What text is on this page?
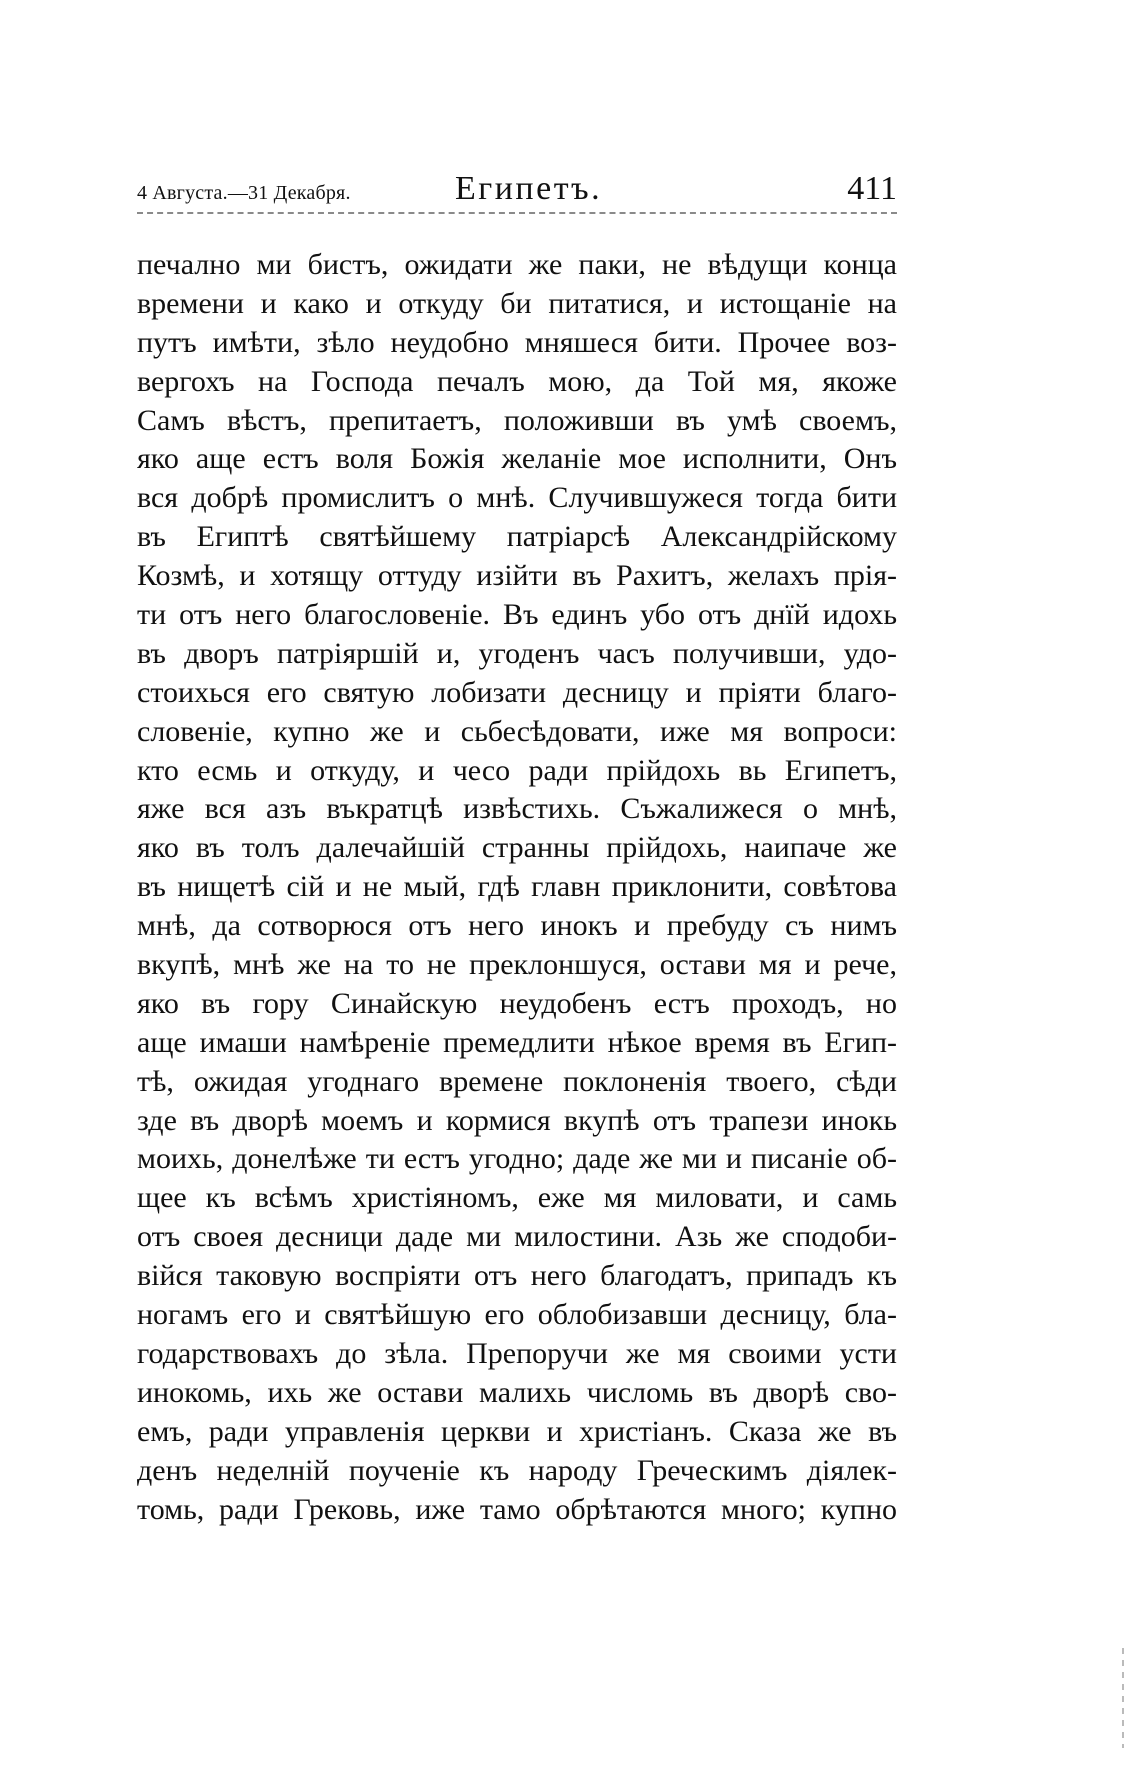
4 Августа.—31 Декабря.	Египетъ.	411
печално ми бистъ, ожидати же паки, не вѣдущи конца
времени и како и откуду би питатися, и истощаніе на
путъ имѣти, зѣло неудобно мняшеся бити. Прочее воз-
вергохъ на Господа печалъ мою, да Той мя, якоже
Самъ вѣстъ, препитаетъ, положивши въ умѣ своемъ,
яко аще естъ воля Божія желаніе мое исполнити, Онъ
вся добрѣ промислитъ о мнѣ. Случившужеся тогда бити
въ Египтѣ святѣйшему патріарсѣ Александрійскому
Козмѣ, и хотящу оттуду изійти въ Рахитъ, желахъ прія-
ти отъ него благословеніе. Въ единъ убо отъ днїй идохь
въ дворъ патріяршій и, угоденъ часъ получивши, удо-
стоихься его святую лобизати десницу и пріяти благо-
словеніе, купно же и сьбесѣдовати, иже мя вопроси:
кто есмь и откуду, и чесо ради прійдохь вь Египетъ,
яже вся азъ въкратцѣ извѣстихь. Съжалижеся о мнѣ,
яко въ толъ далечайшій странны прійдохь, наипаче же
въ нищетѣ сій и не мый, гдѣ главн приклонити, совѣтова
мнѣ, да сотворюся отъ него инокъ и пребуду съ нимъ
вкупѣ, мнѣ же на то не преклоншуся, остави мя и рече,
яко въ гору Синайскую неудобенъ естъ проходъ, но
аще имаши намѣреніе премедлити нѣкое время въ Егип-
тѣ, ожидая угоднаго времене поклоненія твоего, сѣди
зде въ дворѣ моемъ и кормися вкупѣ отъ трапези инокь
моихь, донелѣже ти естъ угодно; даде же ми и писаніе об-
щее къ всѣмъ христіяномъ, еже мя миловати, и самь
отъ своея десници даде ми милостини. Азь же сподоби-
війся таковую воспріяти отъ него благодатъ, припадъ къ
ногамъ его и святѣйшую его облобизавши десницу, бла-
годарствовахъ до зѣла. Препоручи же мя своими усти
инокомь, ихь же остави малихь числомь въ дворѣ сво-
емъ, ради управленія церкви и христіанъ. Сказа же въ
денъ неделній поученіе къ народу Греческимъ діялек-
томь, ради Грековь, иже тамо обрѣтаются много; купно
